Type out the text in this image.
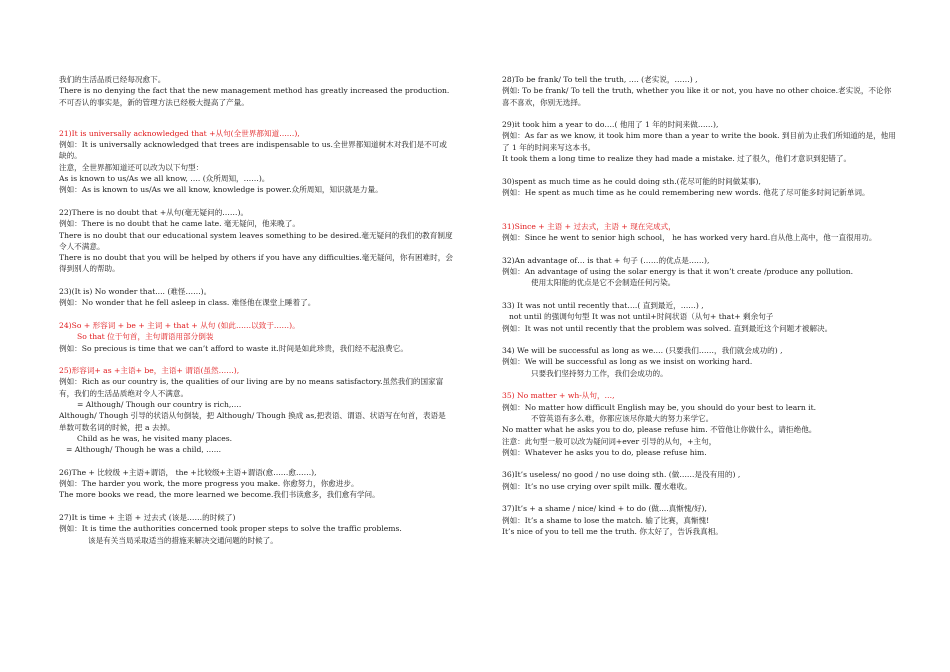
我们的生活品质已经每况愈下。
There is no denying the fact that the new management method has greatly increased the production.
不可否认的事实是，新的管理方法已经极大提高了产量。
21)It is universally acknowledged that +从句(全世界都知道……),
例如：It is universally acknowledged that trees are indispensable to us.全世界都知道树木对我们是不可或缺的。
注意，全世界都知道还可以改为以下句型：
As is known to us/As we all know, …. (众所周知，……)。
例如：As is known to us/As we all know, knowledge is power.众所周知，知识就是力量。
22)There is no doubt that +从句(毫无疑问的……)。
例如：There is no doubt that he came late. 毫无疑问，他来晚了。
There is no doubt that our educational system leaves something to be desired.毫无疑问的我们的教育制度令人不满意。
There is no doubt that you will be helped by others if you have any difficulties.毫无疑问，你有困难时，会得到别人的帮助。
23)(It is) No wonder that.... (难怪……)。
例如：No wonder that he fell asleep in class. 难怪他在课堂上睡着了。
24)So + 形容词 + be + 主词 + that + 从句 (如此……以致于……)。
So that 位于句首，主句谓语用部分倒装
例如：So precious is time that we can’t afford to waste it.时间是如此珍贵，我们经不起浪费它。
25)形容词+ as +主语+ be，主语+ 谓语(虽然……),
例如：Rich as our country is, the qualities of our living are by no means satisfactory.虽然我们的国家富有，我们的生活品质绝对令人不满意。
= Although/ Though our country is rich,….
Although/ Though 引导的状语从句倒装，把 Although/ Though 换成 as,把表语、谓语、状语写在句首，表语是单数可数名词的时候，把 a 去掉。
Child as he was, he visited many places.
= Although/ Though he was a child, …...
26)The + 比较级 +主语+谓语， the +比较级+主语+谓语(愈……愈……),
例如：The harder you work, the more progress you make. 你愈努力，你愈进步。
The more books we read, the more learned we become.我们书读愈多，我们愈有学问。
27)It is time + 主语 + 过去式 (该是……的时候了)
例如：It is time the authorities concerned took proper steps to solve the traffic problems.
该是有关当局采取适当的措施来解决交通问题的时候了。
28)To be frank/ To tell the truth, …. (老实说，……) ,
例如: To be frank/ To tell the truth, whether you like it or not, you have no other choice.老实说，不论你喜不喜欢，你别无选择。
29)it took him a year to do….( 他用了 1 年的时间来做……),
例如：As far as we know, it took him more than a year to write the book. 到目前为止我们所知道的是，他用了 1 年的时间来写这本书。
It took them a long time to realize they had made a mistake. 过了很久，他们才意识到犯错了。
30)spent as much time as he could doing sth.(花尽可能的时间做某事),
例如：He spent as much time as he could remembering new words. 他花了尽可能多时间记新单词。
31)Since + 主语 + 过去式，主语 + 现在完成式，
例如：Since he went to senior high school， he has worked very hard.自从他上高中，他一直很用功。
32)An advantage of… is that + 句子 (……的优点是……),
例如：An advantage of using the solar energy is that it won’t create /produce any pollution.
使用太阳能的优点是它不会制造任何污染。
33) It was not until recently that….( 直到最近，……) ,
not until 的强调句句型 It was not until+时间状语（从句+ that+ 剩余句子
例如：It was not until recently that the problem was solved. 直到最近这个问题才被解决。
34) We will be successful as long as we…. (只要我们……，我们就会成功的) ,
例如：We will be successful as long as we insist on working hard.
只要我们坚持努力工作，我们会成功的。
35) No matter + wh-从句，…,
例如：No matter how difficult English may be, you should do your best to learn it.
不管英语有多么难，你都应该尽你最大的努力来学它。
No matter what he asks you to do, please refuse him. 不管他让你做什么，请拒绝他。
注意：此句型一般可以改为疑问词+ever 引导的从句，+主句，
例如：Whatever he asks you to do, please refuse him.
36)It’s useless/ no good / no use doing sth. (做……是没有用的) ,
例如：It’s no use crying over spilt milk. 覆水难收。
37)It’s + a shame / nice/ kind + to do (做....真惭愧/好),
例如：It’s a shame to lose the match. 输了比赛，真惭愧!
It’s nice of you to tell me the truth. 你太好了，告诉我真相。
